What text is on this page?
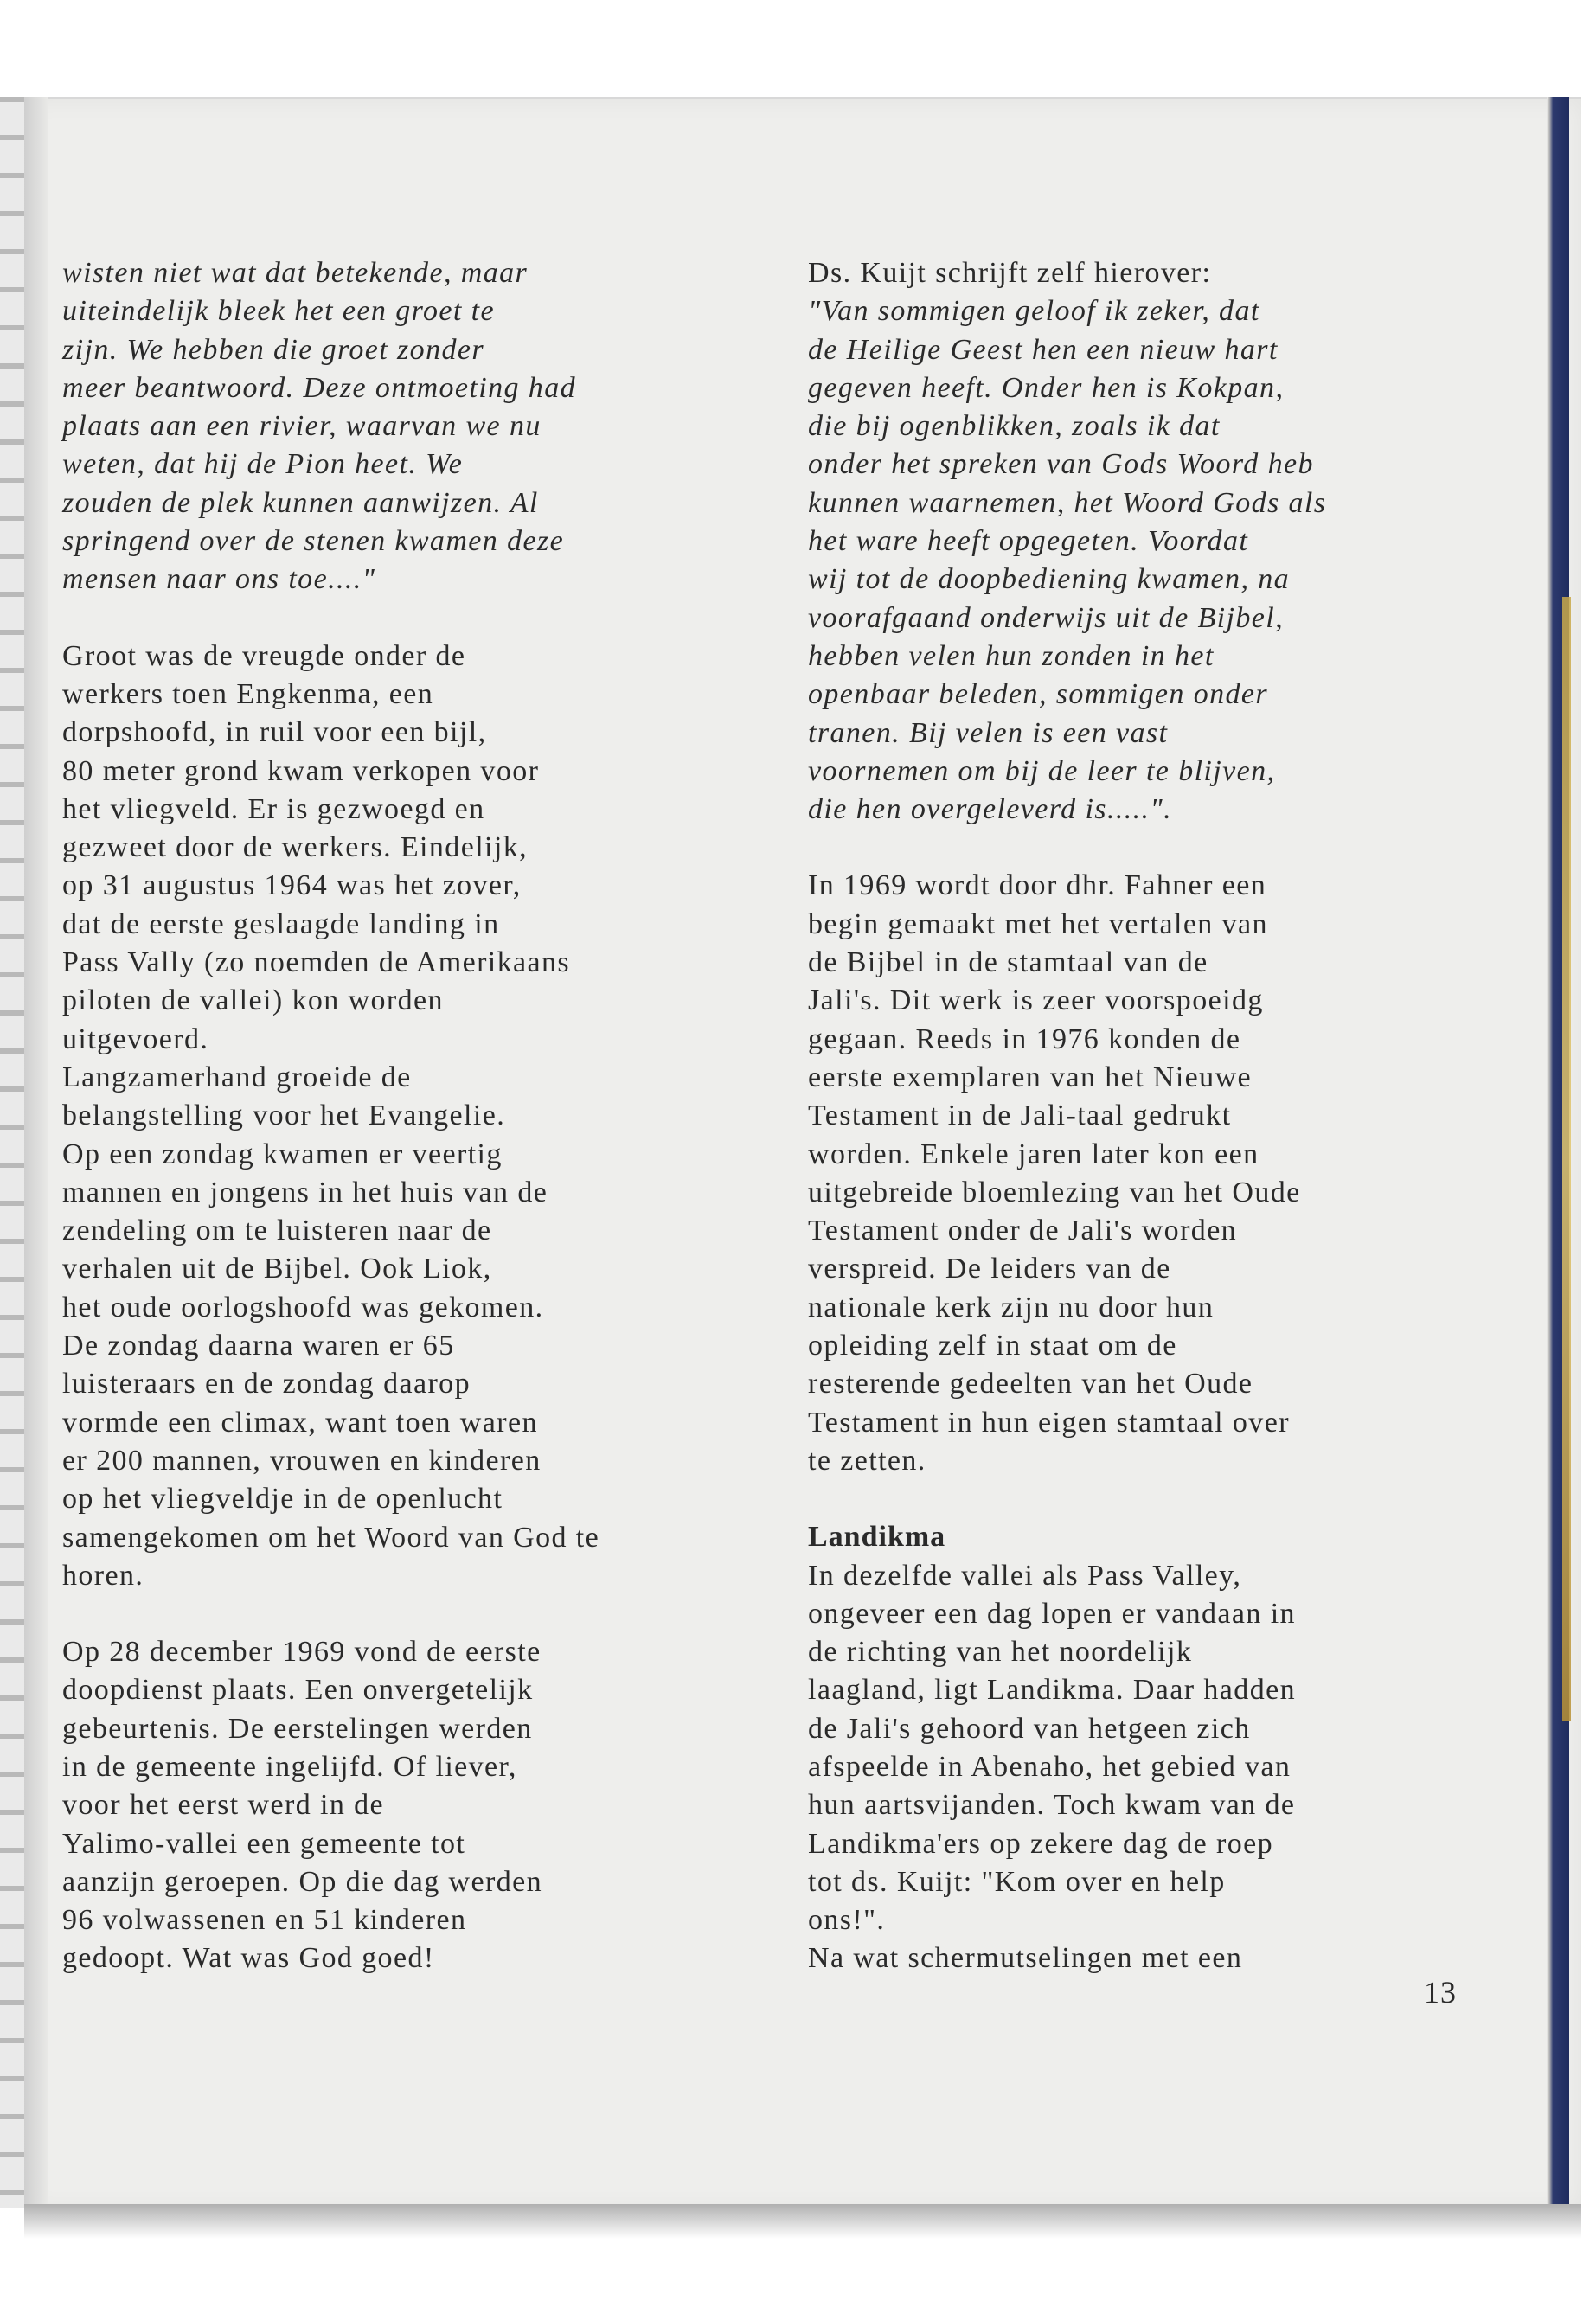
wisten niet wat dat betekende, maar
uiteindelijk bleek het een groet te
zijn. We hebben die groet zonder
meer beantwoord. Deze ontmoeting had
plaats aan een rivier, waarvan we nu
weten, dat hij de Pion heet. We
zouden de plek kunnen aanwijzen. Al
springend over de stenen kwamen deze
mensen naar ons toe...."
Groot was de vreugde onder de
werkers toen Engkenma, een
dorpshoofd, in ruil voor een bijl,
80 meter grond kwam verkopen voor
het vliegveld. Er is gezwoegd en
gezweet door de werkers. Eindelijk,
op 31 augustus 1964 was het zover,
dat de eerste geslaagde landing in
Pass Vally (zo noemden de Amerikaans
piloten de vallei) kon worden
uitgevoerd.
Langzamerhand groeide de
belangstelling voor het Evangelie.
Op een zondag kwamen er veertig
mannen en jongens in het huis van de
zendeling om te luisteren naar de
verhalen uit de Bijbel. Ook Liok,
het oude oorlogshoofd was gekomen.
De zondag daarna waren er 65
luisteraars en de zondag daarop
vormde een climax, want toen waren
er 200 mannen, vrouwen en kinderen
op het vliegveldje in de openlucht
samengekomen om het Woord van God te
horen.
Op 28 december 1969 vond de eerste
doopdienst plaats. Een onvergetelijk
gebeurtenis. De eerstelingen werden
in de gemeente ingelijfd. Of liever,
voor het eerst werd in de
Yalimo-vallei een gemeente tot
aanzijn geroepen. Op die dag werden
96 volwassenen en 51 kinderen
gedoopt. Wat was God goed!
Ds. Kuijt schrijft zelf hierover:
"Van sommigen geloof ik zeker, dat
de Heilige Geest hen een nieuw hart
gegeven heeft. Onder hen is Kokpan,
die bij ogenblikken, zoals ik dat
onder het spreken van Gods Woord heb
kunnen waarnemen, het Woord Gods als
het ware heeft opgegeten. Voordat
wij tot de doopbediening kwamen, na
voorafgaand onderwijs uit de Bijbel,
hebben velen hun zonden in het
openbaar beleden, sommigen onder
tranen. Bij velen is een vast
voornemen om bij de leer te blijven,
die hen overgeleverd is.....".
In 1969 wordt door dhr. Fahner een
begin gemaakt met het vertalen van
de Bijbel in de stamtaal van de
Jali's. Dit werk is zeer voorspoeidg
gegaan. Reeds in 1976 konden de
eerste exemplaren van het Nieuwe
Testament in de Jali-taal gedrukt
worden. Enkele jaren later kon een
uitgebreide bloemlezing van het Oude
Testament onder de Jali's worden
verspreid. De leiders van de
nationale kerk zijn nu door hun
opleiding zelf in staat om de
resterende gedeelten van het Oude
Testament in hun eigen stamtaal over
te zetten.
Landikma
In dezelfde vallei als Pass Valley,
ongeveer een dag lopen er vandaan in
de richting van het noordelijk
laagland, ligt Landikma. Daar hadden
de Jali's gehoord van hetgeen zich
afspeelde in Abenaho, het gebied van
hun aartsvijanden. Toch kwam van de
Landikma'ers op zekere dag de roep
tot ds. Kuijt: "Kom over en help
ons!".
Na wat schermutselingen met een
13
